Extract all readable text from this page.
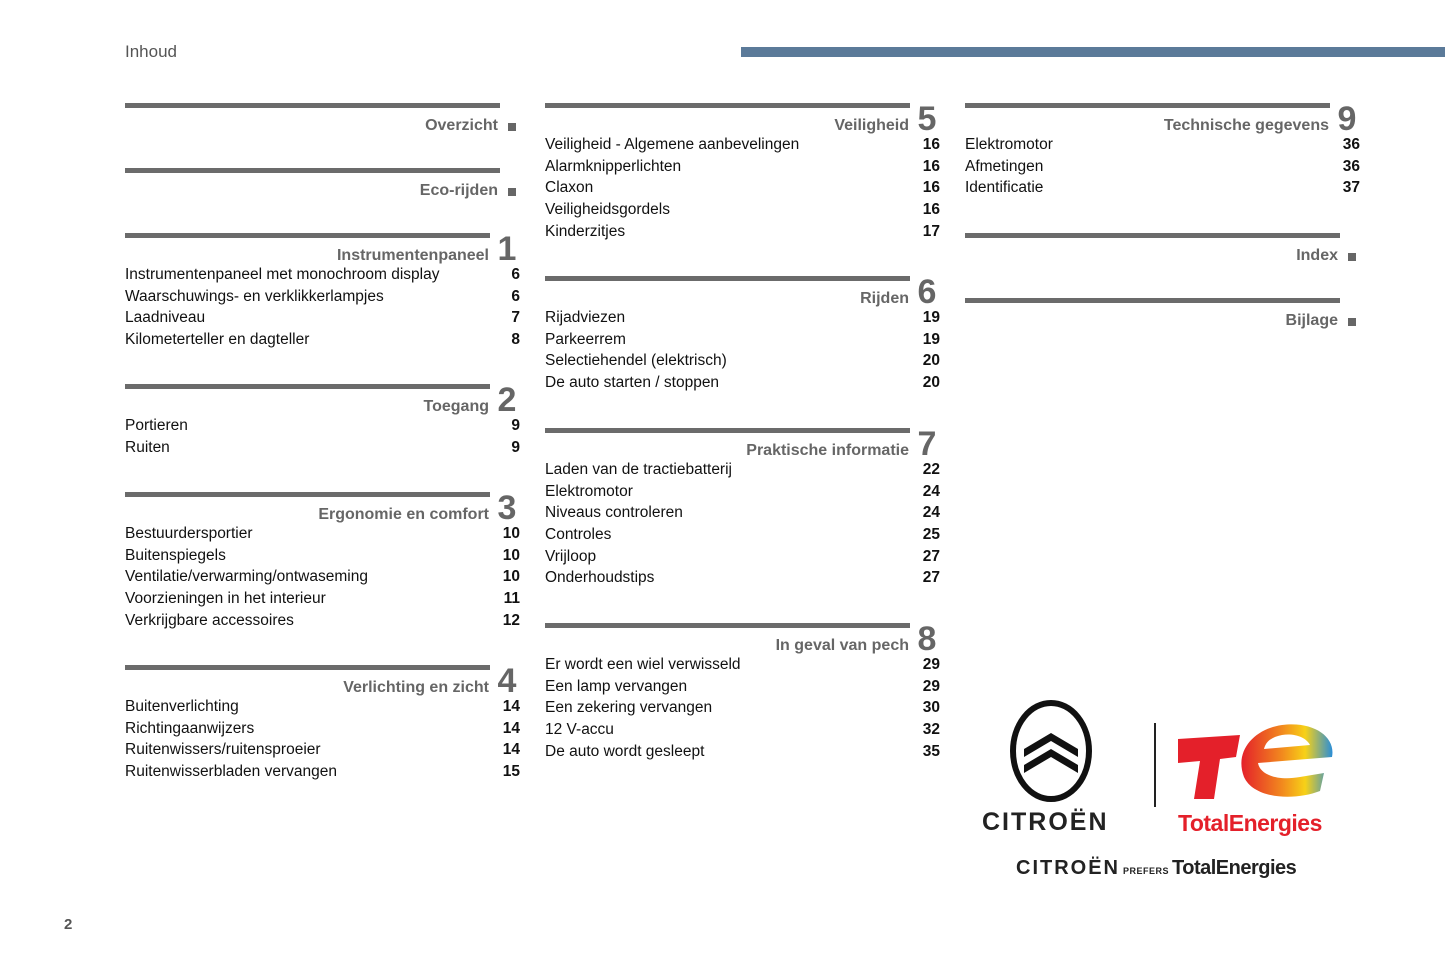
Inhoud
Overzicht
Eco-rijden
Instrumentenpaneel 1
Instrumentenpaneel met monochroom display	6
Waarschuwings- en verklikkerlampjes	6
Laadniveau	7
Kilometerteller en dagteller	8
Toegang 2
Portieren	9
Ruiten	9
Ergonomie en comfort 3
Bestuurdersportier	10
Buitenspiegels	10
Ventilatie/verwarming/ontwaseming	10
Voorzieningen in het interieur	11
Verkrijgbare accessoires	12
Verlichting en zicht 4
Buitenverlichting	14
Richtingaanwijzers	14
Ruitenwissers/ruitensproeier	14
Ruitenwisserbladen vervangen	15
Veiligheid 5
Veiligheid - Algemene aanbevelingen	16
Alarmknipperlichten	16
Claxon	16
Veiligheidsgordels	16
Kinderzitjes	17
Rijden 6
Rijadviezen	19
Parkeerrem	19
Selectiehendel (elektrisch)	20
De auto starten / stoppen	20
Praktische informatie 7
Laden van de tractiebatterij	22
Elektromotor	24
Niveaus controleren	24
Controles	25
Vrijloop	27
Onderhoudstips	27
In geval van pech 8
Er wordt een wiel verwisseld	29
Een lamp vervangen	29
Een zekering vervangen	30
12 V-accu	32
De auto wordt gesleept	35
Technische gegevens 9
Elektromotor	36
Afmetingen	36
Identificatie	37
Index
Bijlage
CITROËN	TotalEnergies
CITROËN PREFERS TotalEnergies
2
